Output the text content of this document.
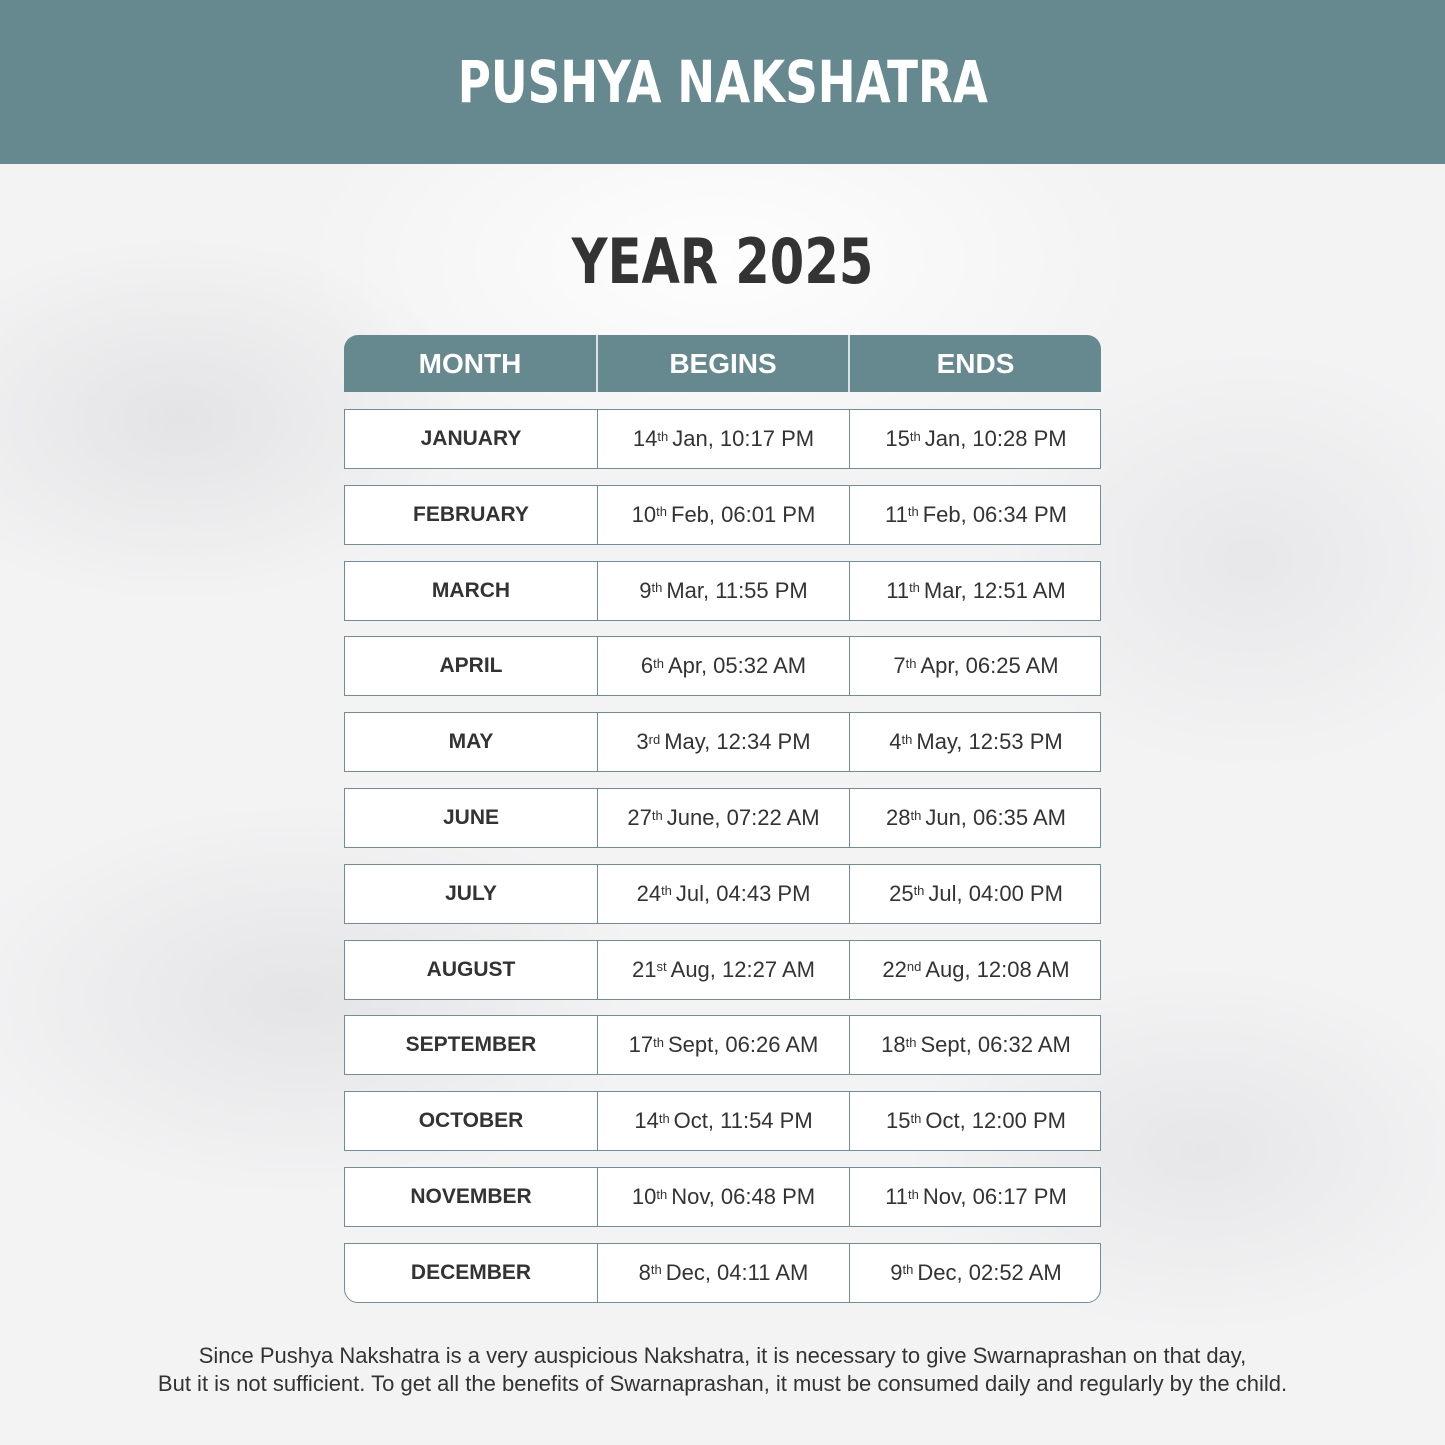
PUSHYA NAKSHATRA
YEAR 2025
MONTH	BEGINS	ENDS
JANUARY	14th Jan, 10:17 PM	15th Jan, 10:28 PM
FEBRUARY	10th Feb, 06:01 PM	11th Feb, 06:34 PM
MARCH	9th Mar, 11:55 PM	11th Mar, 12:51 AM
APRIL	6th Apr, 05:32 AM	7th Apr, 06:25 AM
MAY	3rd May, 12:34 PM	4th May, 12:53 PM
JUNE	27th June, 07:22 AM	28th Jun, 06:35 AM
JULY	24th Jul, 04:43 PM	25th Jul, 04:00 PM
AUGUST	21st Aug, 12:27 AM	22nd Aug, 12:08 AM
SEPTEMBER	17th Sept, 06:26 AM	18th Sept, 06:32 AM
OCTOBER	14th Oct, 11:54 PM	15th Oct, 12:00 PM
NOVEMBER	10th Nov, 06:48 PM	11th Nov, 06:17 PM
DECEMBER	8th Dec, 04:11 AM	9th Dec, 02:52 AM
Since Pushya Nakshatra is a very auspicious Nakshatra, it is necessary to give Swarnaprashan on that day,
But it is not sufficient. To get all the benefits of Swarnaprashan, it must be consumed daily and regularly by the child.
